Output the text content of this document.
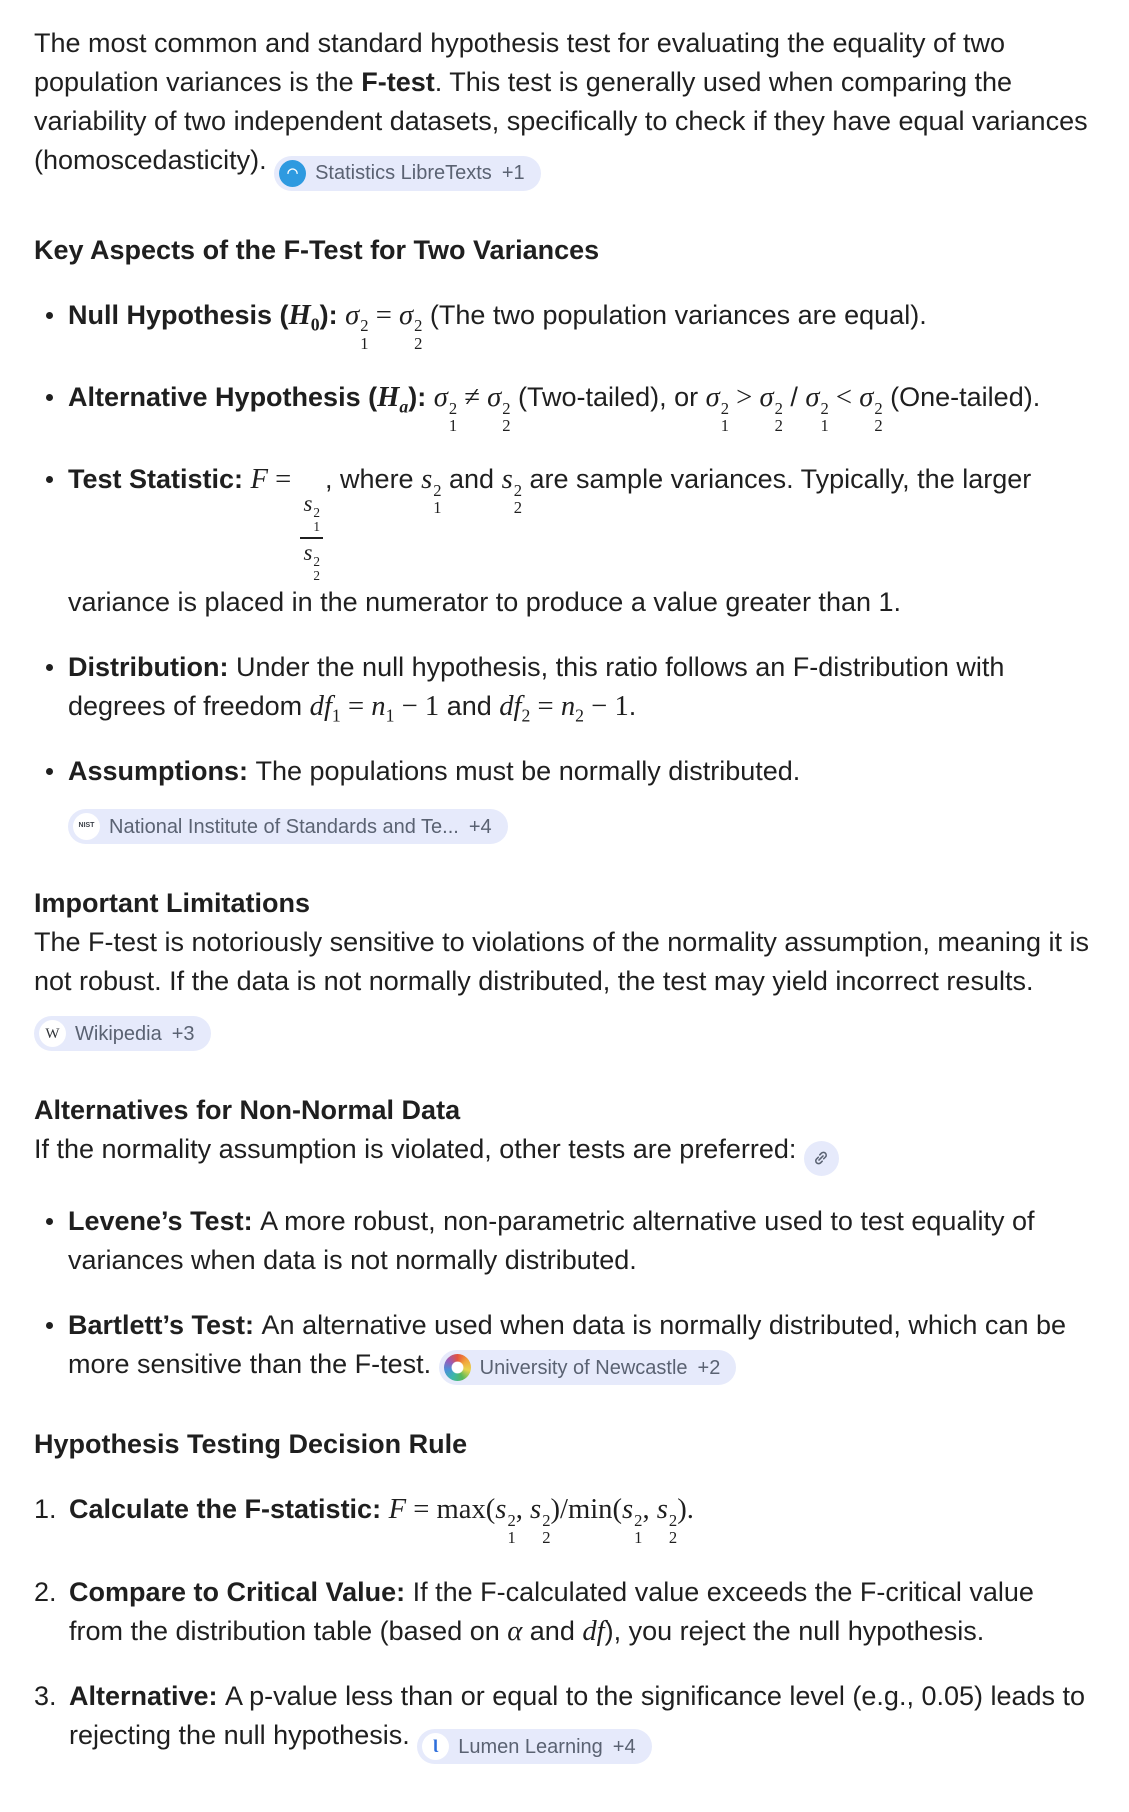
The most common and standard hypothesis test for evaluating the equality of two population variances is the F-test. This test is generally used when comparing the variability of two independent datasets, specifically to check if they have equal variances (homoscedasticity). ◠ Statistics LibreTexts +1

Key Aspects of the F-Test for Two Variances
Null Hypothesis $(H_0)$: σ 2
1
= σ 2
2
(The two population variances are equal).
Alternative Hypothesis $(H_a)$: σ 2
1
≠ σ 2
2
(Two-tailed), or σ 2
1
> σ 2
2
/ σ 2
1
< σ 2
2
(One-tailed).
Test Statistic: F =
s 2
1
s 2
2
, where s 2
1
and s 2
2
are sample variances. Typically, the larger variance is placed in the numerator to produce a value greater than 1.
Distribution: Under the null hypothesis, this ratio follows an F-distribution with degrees of freedom $df_1 = n_1 - 1$ and $df_2 = n_2 - 1$.
Assumptions: The populations must be normally distributed.
NIST National Institute of Standards and Te... +4
Important Limitations

The F-test is notoriously sensitive to violations of the normality assumption, meaning it is not robust. If the data is not normally distributed, the test may yield incorrect results.
W Wikipedia +3

Alternatives for Non-Normal Data

If the normality assumption is violated, other tests are preferred:

Levene’s Test: A more robust, non-parametric alternative used to test equality of variances when data is not normally distributed.
Bartlett’s Test: An alternative used when data is normally distributed, which can be more sensitive than the F-test. University of Newcastle +2
Hypothesis Testing Decision Rule
1. Calculate the F-statistic: F = max(s 2
1
, s 2
2
)/min(s 2
1
, s 2
2
).
2. Compare to Critical Value: If the F-calculated value exceeds the F-critical value from the distribution table (based on α and df), you reject the null hypothesis.
3. Alternative: A p-value less than or equal to the significance level (e.g., 0.05) leads to rejecting the null hypothesis. Ɩ Lumen Learning +4
